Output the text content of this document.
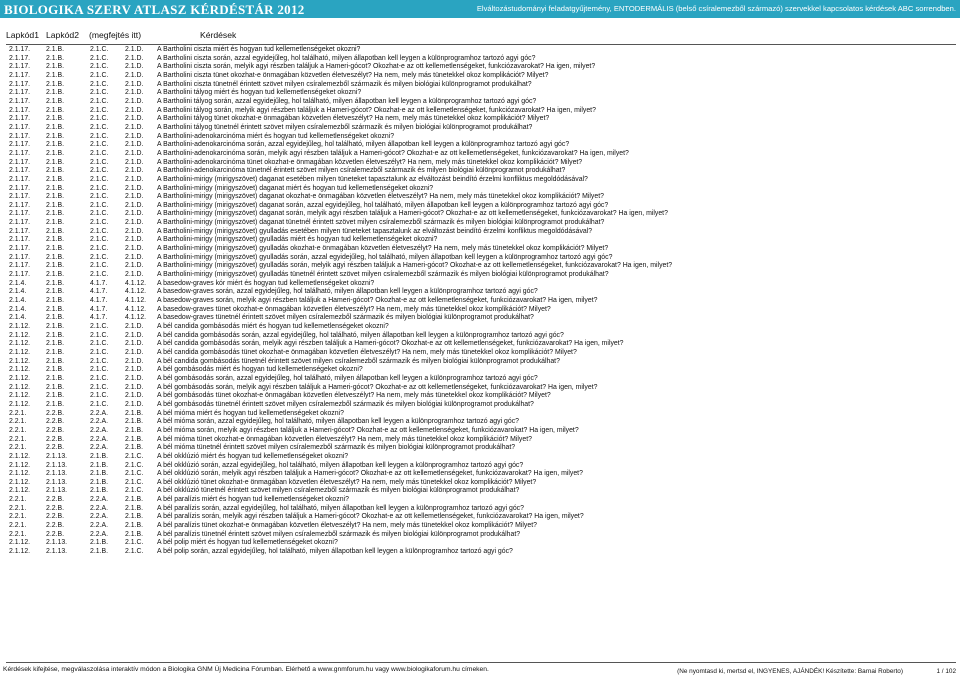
BIOLOGIKA SZERV ATLASZ KÉRDÉSTÁR 2012	Elváltozástudományi feladatgyűjtemény, ENTODERMÁLIS (belső csíralemezből származó) szervekkel kapcsolatos kérdések ABC sorrendben.
Lapkód1 Lapkód2 (megfejtés itt)	Kérdések
2.1.17. 2.1.B.	2.1.C. 2.1.D. A Bartholini ciszta miért és hogyan tud kellemetlenségeket okozni?
2.1.17. 2.1.B.	2.1.C. 2.1.D. A Bartholini ciszta során, azzal egyidejűleg, hol található, milyen állapotban kell leygen a különprogramhoz tartozó agyi góc?
2.1.17. 2.1.B.	2.1.C. 2.1.D. A Bartholini ciszta során, melyik agyi részben találjuk a Hameri-gócot? Okozhat-e az ott kellemetlenségeket, funkciózavarokat? Ha igen, milyet?
2.1.17. 2.1.B.	2.1.C. 2.1.D. A Bartholini ciszta tünet okozhat-e önmagában közvetlen életveszélyt? Ha nem, mely más tünetekkel okoz komplikációt? Milyet?
2.1.17. 2.1.B.	2.1.C. 2.1.D. A Bartholini ciszta tünetnél érintett szövet milyen csíralemezből származik és milyen biológiai különprogramot produkálhat?
2.1.17. 2.1.B.	2.1.C. 2.1.D. A Bartholini tályog miért és hogyan tud kellemetlenségeket okozni?
2.1.17. 2.1.B.	2.1.C. 2.1.D. A Bartholini tályog során, azzal egyidejűleg, hol található, milyen állapotban kell leygen a különprogramhoz tartozó agyi góc?
2.1.17. 2.1.B.	2.1.C. 2.1.D. A Bartholini tályog során, melyik agyi részben találjuk a Hameri-gócot? Okozhat-e az ott kellemetlenségeket, funkciózavarokat? Ha igen, milyet?
2.1.17. 2.1.B.	2.1.C. 2.1.D. A Bartholini tályog tünet okozhat-e önmagában közvetlen életveszélyt? Ha nem, mely más tünetekkel okoz komplikációt? Milyet?
2.1.17. 2.1.B.	2.1.C. 2.1.D. A Bartholini tályog tünetnél érintett szövet milyen csíralemezből származik és milyen biológiai különprogramot produkálhat?
2.1.17. 2.1.B.	2.1.C. 2.1.D. A Bartholini-adenokarcinóma miért és hogyan tud kellemetlenségeket okozni?
2.1.17. 2.1.B.	2.1.C. 2.1.D. A Bartholini-adenokarcinóma során, azzal egyidejűleg, hol található, milyen állapotban kell leygen a különprogramhoz tartozó agyi góc?
2.1.17. 2.1.B.	2.1.C. 2.1.D. A Bartholini-adenokarcinóma során, melyik agyi részben találjuk a Hameri-gócot? Okozhat-e az ott kellemetlenségeket, funkciózavarokat? Ha igen, milyet?
2.1.17. 2.1.B.	2.1.C. 2.1.D. A Bartholini-adenokarcinóma tünet okozhat-e önmagában közvetlen életveszélyt? Ha nem, mely más tünetekkel okoz komplikációt? Milyet?
2.1.17. 2.1.B.	2.1.C. 2.1.D. A Bartholini-adenokarcinóma tünetnél érintett szövet milyen csíralemezből származik és milyen biológiai különprogramot produkálhat?
2.1.17. 2.1.B.	2.1.C. 2.1.D. A Bartholini-mirigy (mirigyszövet) daganat esetében milyen tüneteket tapasztalunk az elváltozást beindító érzelmi konfliktus megoldódásával?
2.1.17. 2.1.B.	2.1.C. 2.1.D. A Bartholini-mirigy (mirigyszövet) daganat miért és hogyan tud kellemetlenségeket okozni?
2.1.17. 2.1.B.	2.1.C. 2.1.D. A Bartholini-mirigy (mirigyszövet) daganat okozhat-e önmagában közvetlen életveszélyt? Ha nem, mely más tünetekkel okoz komplikációt? Milyet?
2.1.17. 2.1.B.	2.1.C. 2.1.D. A Bartholini-mirigy (mirigyszövet) daganat során, azzal egyidejűleg, hol található, milyen állapotban kell leygen a különprogramhoz tartozó agyi góc?
2.1.17. 2.1.B.	2.1.C. 2.1.D. A Bartholini-mirigy (mirigyszövet) daganat során, melyik agyi részben találjuk a Hameri-gócot? Okozhat-e az ott kellemetlenségeket, funkciózavarokat? Ha igen, milyet?
2.1.17. 2.1.B.	2.1.C. 2.1.D. A Bartholini-mirigy (mirigyszövet) daganat tünetnél érintett szövet milyen csíralemezből származik és milyen biológiai különprogramot produkálhat?
2.1.17. 2.1.B.	2.1.C. 2.1.D. A Bartholini-mirigy (mirigyszövet) gyulladás esetében milyen tüneteket tapasztalunk az elváltozást beindító érzelmi konfliktus megoldódásával?
2.1.17. 2.1.B.	2.1.C. 2.1.D. A Bartholini-mirigy (mirigyszövet) gyulladás miért és hogyan tud kellemetlenségeket okozni?
2.1.17. 2.1.B.	2.1.C. 2.1.D. A Bartholini-mirigy (mirigyszövet) gyulladás okozhat-e önmagában közvetlen életveszélyt? Ha nem, mely más tünetekkel okoz komplikációt? Milyet?
2.1.17. 2.1.B.	2.1.C. 2.1.D. A Bartholini-mirigy (mirigyszövet) gyulladás során, azzal egyidejűleg, hol található, milyen állapotban kell leygen a különprogramhoz tartozó agyi góc?
2.1.17. 2.1.B.	2.1.C. 2.1.D. A Bartholini-mirigy (mirigyszövet) gyulladás során, melyik agyi részben találjuk a Hameri-gócot? Okozhat-e az ott kellemetlenségeket, funkciózavarokat? Ha igen, milyet?
2.1.17. 2.1.B.	2.1.C. 2.1.D. A Bartholini-mirigy (mirigyszövet) gyulladás tünetnél érintett szövet milyen csíralemezből származik és milyen biológiai különprogramot produkálhat?
2.1.4.	2.1.B.	4.1.7.	4.1.12. A basedow-graves kór miért és hogyan tud kellemetlenségeket okozni?
2.1.4.	2.1.B.	4.1.7.	4.1.12. A basedow-graves során, azzal egyidejűleg, hol található, milyen állapotban kell leygen a különprogramhoz tartozó agyi góc?
2.1.4.	2.1.B.	4.1.7.	4.1.12. A basedow-graves során, melyik agyi részben találjuk a Hameri-gócot? Okozhat-e az ott kellemetlenségeket, funkciózavarokat? Ha igen, milyet?
2.1.4.	2.1.B.	4.1.7.	4.1.12. A basedow-graves tünet okozhat-e önmagában közvetlen életveszélyt? Ha nem, mely más tünetekkel okoz komplikációt? Milyet?
2.1.4.	2.1.B.	4.1.7.	4.1.12. A basedow-graves tünetnél érintett szövet milyen csíralemezből származik és milyen biológiai különprogramot produkálhat?
2.1.12. 2.1.B.	2.1.C. 2.1.D. A bél candida gombásodás miért és hogyan tud kellemetlenségeket okozni?
2.1.12. 2.1.B.	2.1.C. 2.1.D. A bél candida gombásodás során, azzal egyidejűleg, hol található, milyen állapotban kell leygen a különprogramhoz tartozó agyi góc?
2.1.12. 2.1.B.	2.1.C. 2.1.D. A bél candida gombásodás során, melyik agyi részben találjuk a Hameri-gócot? Okozhat-e az ott kellemetlenségeket, funkciózavarokat? Ha igen, milyet?
2.1.12. 2.1.B.	2.1.C. 2.1.D. A bél candida gombásodás tünet okozhat-e önmagában közvetlen életveszélyt? Ha nem, mely más tünetekkel okoz komplikációt? Milyet?
2.1.12. 2.1.B.	2.1.C. 2.1.D. A bél candida gombásodás tünetnél érintett szövet milyen csíralemezből származik és milyen biológiai különprogramot produkálhat?
2.1.12. 2.1.B.	2.1.C. 2.1.D. A bél gombásodás miért és hogyan tud kellemetlenségeket okozni?
2.1.12. 2.1.B.	2.1.C. 2.1.D. A bél gombásodás során, azzal egyidejűleg, hol található, milyen állapotban kell leygen a különprogramhoz tartozó agyi góc?
2.1.12. 2.1.B.	2.1.C. 2.1.D. A bél gombásodás során, melyik agyi részben találjuk a Hameri-gócot? Okozhat-e az ott kellemetlenségeket, funkciózavarokat? Ha igen, milyet?
2.1.12. 2.1.B.	2.1.C. 2.1.D. A bél gombásodás tünet okozhat-e önmagában közvetlen életveszélyt? Ha nem, mely más tünetekkel okoz komplikációt? Milyet?
2.1.12. 2.1.B.	2.1.C. 2.1.D. A bél gombásodás tünetnél érintett szövet milyen csíralemezből származik és milyen biológiai különprogramot produkálhat?
2.2.1.	2.2.B.	2.2.A. 2.1.B. A bél mióma miért és hogyan tud kellemetlenségeket okozni?
2.2.1.	2.2.B.	2.2.A. 2.1.B. A bél mióma során, azzal egyidejűleg, hol található, milyen állapotban kell leygen a különprogramhoz tartozó agyi góc?
2.2.1.	2.2.B.	2.2.A. 2.1.B. A bél mióma során, melyik agyi részben találjuk a Hameri-gócot? Okozhat-e az ott kellemetlenségeket, funkciózavarokat? Ha igen, milyet?
2.2.1.	2.2.B.	2.2.A. 2.1.B. A bél mióma tünet okozhat-e önmagában közvetlen életveszélyt? Ha nem, mely más tünetekkel okoz komplikációt? Milyet?
2.2.1.	2.2.B.	2.2.A. 2.1.B. A bél mióma tünetnél érintett szövet milyen csíralemezből származik és milyen biológiai különprogramot produkálhat?
2.1.12. 2.1.13.	2.1.B. 2.1.C. A bél okklúzió miért és hogyan tud kellemetlenségeket okozni?
2.1.12. 2.1.13.	2.1.B. 2.1.C. A bél okklúzió során, azzal egyidejűleg, hol található, milyen állapotban kell leygen a különprogramhoz tartozó agyi góc?
2.1.12. 2.1.13.	2.1.B. 2.1.C. A bél okklúzió során, melyik agyi részben találjuk a Hameri-gócot? Okozhat-e az ott kellemetlenségeket, funkciózavarokat? Ha igen, milyet?
2.1.12. 2.1.13.	2.1.B. 2.1.C. A bél okklúzió tünet okozhat-e önmagában közvetlen életveszélyt? Ha nem, mely más tünetekkel okoz komplikációt? Milyet?
2.1.12. 2.1.13.	2.1.B. 2.1.C. A bél okklúzió tünetnél érintett szövet milyen csíralemezből származik és milyen biológiai különprogramot produkálhat?
2.2.1.	2.2.B.	2.2.A. 2.1.B. A bél paralízis miért és hogyan tud kellemetlenségeket okozni?
2.2.1.	2.2.B.	2.2.A. 2.1.B. A bél paralízis során, azzal egyidejűleg, hol található, milyen állapotban kell leygen a különprogramhoz tartozó agyi góc?
2.2.1.	2.2.B.	2.2.A. 2.1.B. A bél paralízis során, melyik agyi részben találjuk a Hameri-gócot? Okozhat-e az ott kellemetlenségeket, funkciózavarokat? Ha igen, milyet?
2.2.1.	2.2.B.	2.2.A. 2.1.B. A bél paralízis tünet okozhat-e önmagában közvetlen életveszélyt? Ha nem, mely más tünetekkel okoz komplikációt? Milyet?
2.2.1.	2.2.B.	2.2.A. 2.1.B. A bél paralízis tünetnél érintett szövet milyen csíralemezből származik és milyen biológiai különprogramot produkálhat?
2.1.12. 2.1.13.	2.1.B. 2.1.C. A bél polip miért és hogyan tud kellemetlenségeket okozni?
2.1.12. 2.1.13.	2.1.B. 2.1.C. A bél polip során, azzal egyidejűleg, hol található, milyen állapotban kell leygen a különprogramhoz tartozó agyi góc?
Kérdések kifejtése, megválaszolása interaktív módon a Biologika GNM Új Medicina Fórumban. Elérhető a www.gnmforum.hu vagy www.biologikaforum.hu címeken.	(Ne nyomtasd ki, mertsd el, INGYENES, AJÁNDÉK! Készítette: Barnai Roberto)	1 / 102
